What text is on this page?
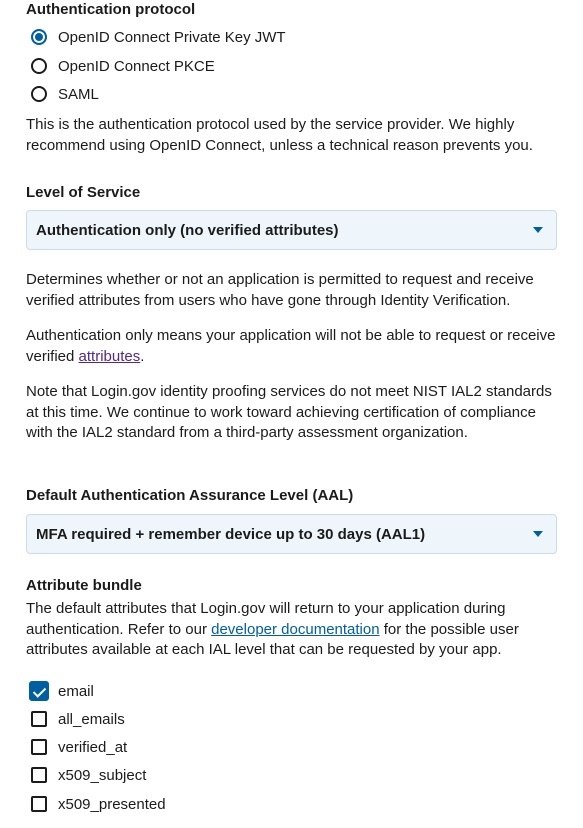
Authentication protocol
OpenID Connect Private Key JWT
OpenID Connect PKCE
SAML
This is the authentication protocol used by the service provider. We highly recommend using OpenID Connect, unless a technical reason prevents you.
Level of Service
Authentication only (no verified attributes)
Determines whether or not an application is permitted to request and receive verified attributes from users who have gone through Identity Verification.
Authentication only means your application will not be able to request or receive verified attributes.
Note that Login.gov identity proofing services do not meet NIST IAL2 standards at this time. We continue to work toward achieving certification of compliance with the IAL2 standard from a third-party assessment organization.
Default Authentication Assurance Level (AAL)
MFA required + remember device up to 30 days (AAL1)
Attribute bundle
The default attributes that Login.gov will return to your application during authentication. Refer to our developer documentation for the possible user attributes available at each IAL level that can be requested by your app.
email
all_emails
verified_at
x509_subject
x509_presented
